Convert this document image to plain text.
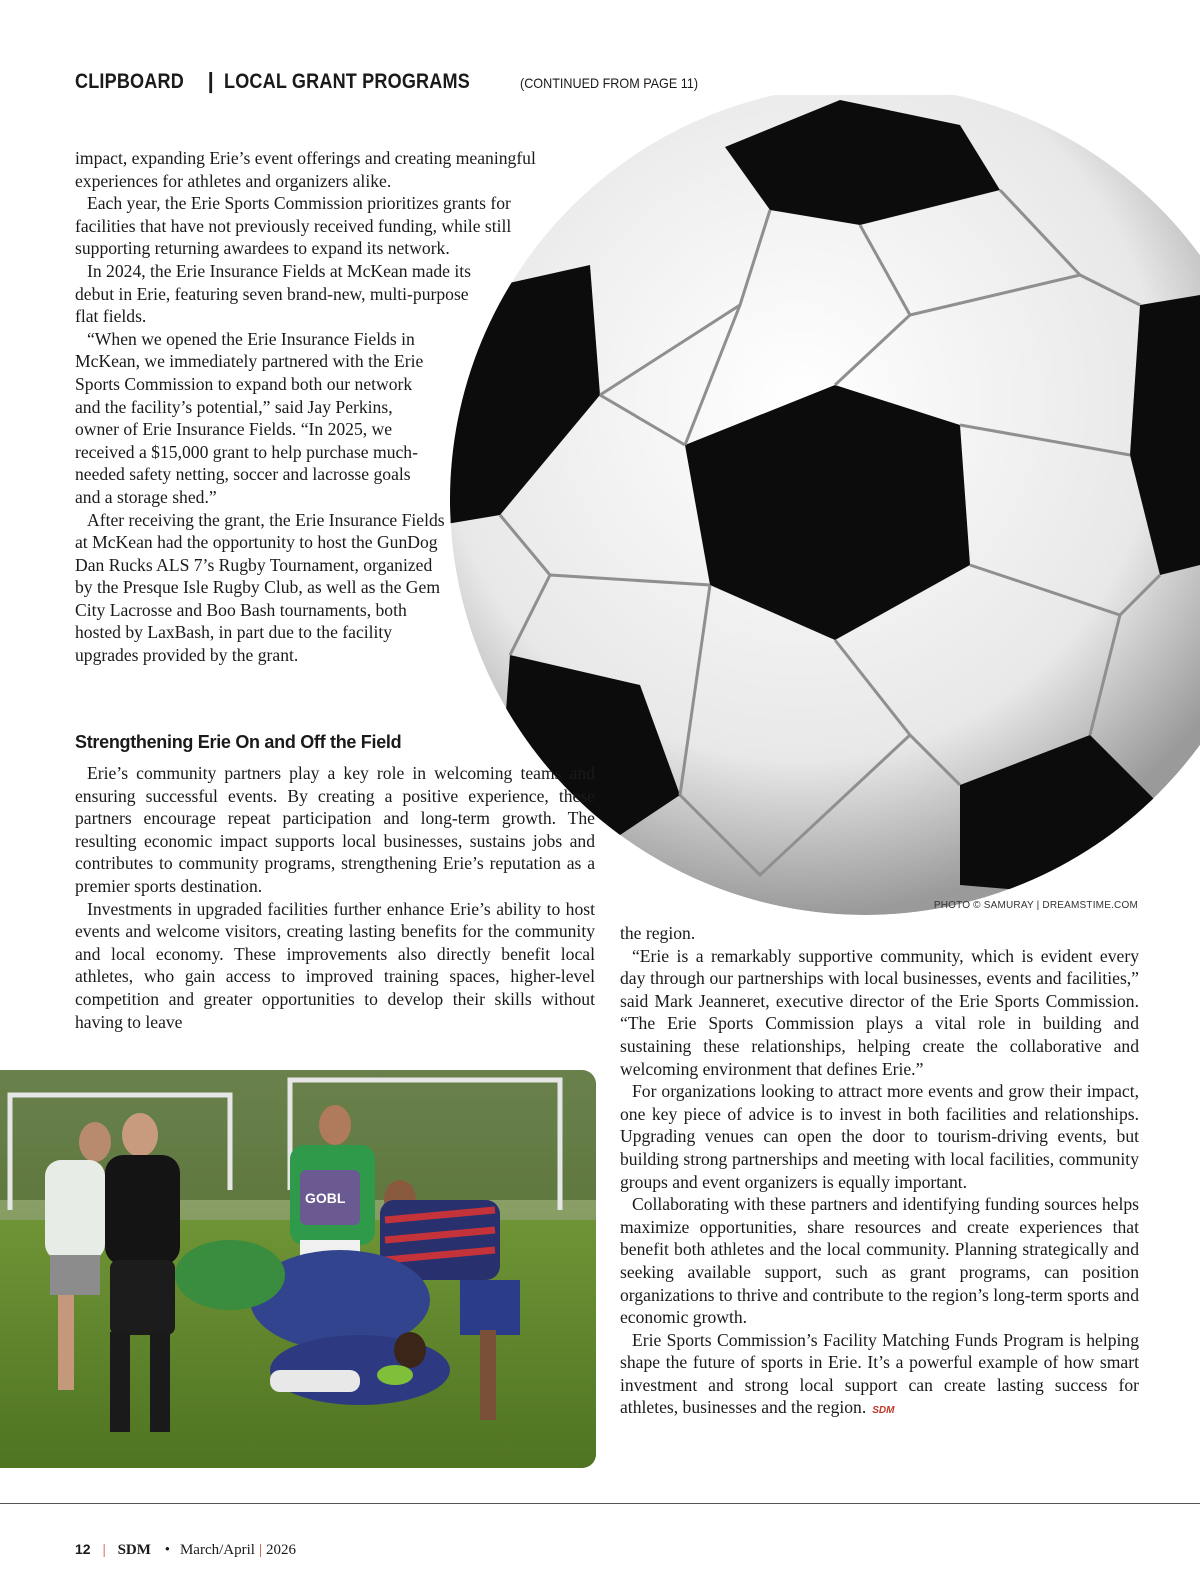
CLIPBOARD | LOCAL GRANT PROGRAMS	(CONTINUED FROM PAGE 11)

impact, expanding Erie’s event offerings and creating meaningful experiences for athletes and organizers alike.

Each year, the Erie Sports Commission prioritizes grants for facilities that have not previously received funding, while still supporting returning awardees to expand its network.

In 2024, the Erie Insurance Fields at McKean made its debut in Erie, featuring seven brand-new, multi-purpose flat fields.

“When we opened the Erie Insurance Fields in McKean, we immediately partnered with the Erie Sports Commission to expand both our network and the facility’s potential,” said Jay Perkins, owner of Erie Insurance Fields. “In 2025, we received a $15,000 grant to help purchase much-needed safety netting, soccer and lacrosse goals and a storage shed.”

After receiving the grant, the Erie Insurance Fields at McKean had the opportunity to host the GunDog Dan Rucks ALS 7’s Rugby Tournament, organized by the Presque Isle Rugby Club, as well as the Gem City Lacrosse and Boo Bash tournaments, both hosted by LaxBash, in part due to the facility upgrades provided by the grant.

Strengthening Erie On and Off the Field

Erie’s community partners play a key role in welcoming teams and ensuring successful events. By creating a positive experience, these partners encourage repeat participation and long-term growth. The resulting economic impact supports local businesses, sustains jobs and contributes to community programs, strengthening Erie’s reputation as a premier sports destination.

Investments in upgraded facilities further enhance Erie’s ability to host events and welcome visitors, creating lasting benefits for the community and local economy. These improvements also directly benefit local athletes, who gain access to improved training spaces, higher-level competition and greater opportunities to develop their skills without having to leave

PHOTO © SAMURAY | DREAMSTIME.COM

the region.

“Erie is a remarkably supportive community, which is evident every day through our partnerships with local businesses, events and facilities,” said Mark Jeanneret, executive director of the Erie Sports Commission. “The Erie Sports Commission plays a vital role in building and sustaining these relationships, helping create the collaborative and welcoming environment that defines Erie.”

For organizations looking to attract more events and grow their impact, one key piece of advice is to invest in both facilities and relationships. Upgrading venues can open the door to tourism-driving events, but building strong partnerships and meeting with local facilities, community groups and event organizers is equally important.

Collaborating with these partners and identifying funding sources helps maximize opportunities, share resources and create experiences that benefit both athletes and the local community. Planning strategically and seeking available support, such as grant programs, can position organizations to thrive and contribute to the region’s long-term sports and economic growth.

Erie Sports Commission’s Facility Matching Funds Program is helping shape the future of sports in Erie. It’s a powerful example of how smart investment and strong local support can create lasting success for athletes, businesses and the region. SDM

GOBL
12 | SDM • March/April | 2026
